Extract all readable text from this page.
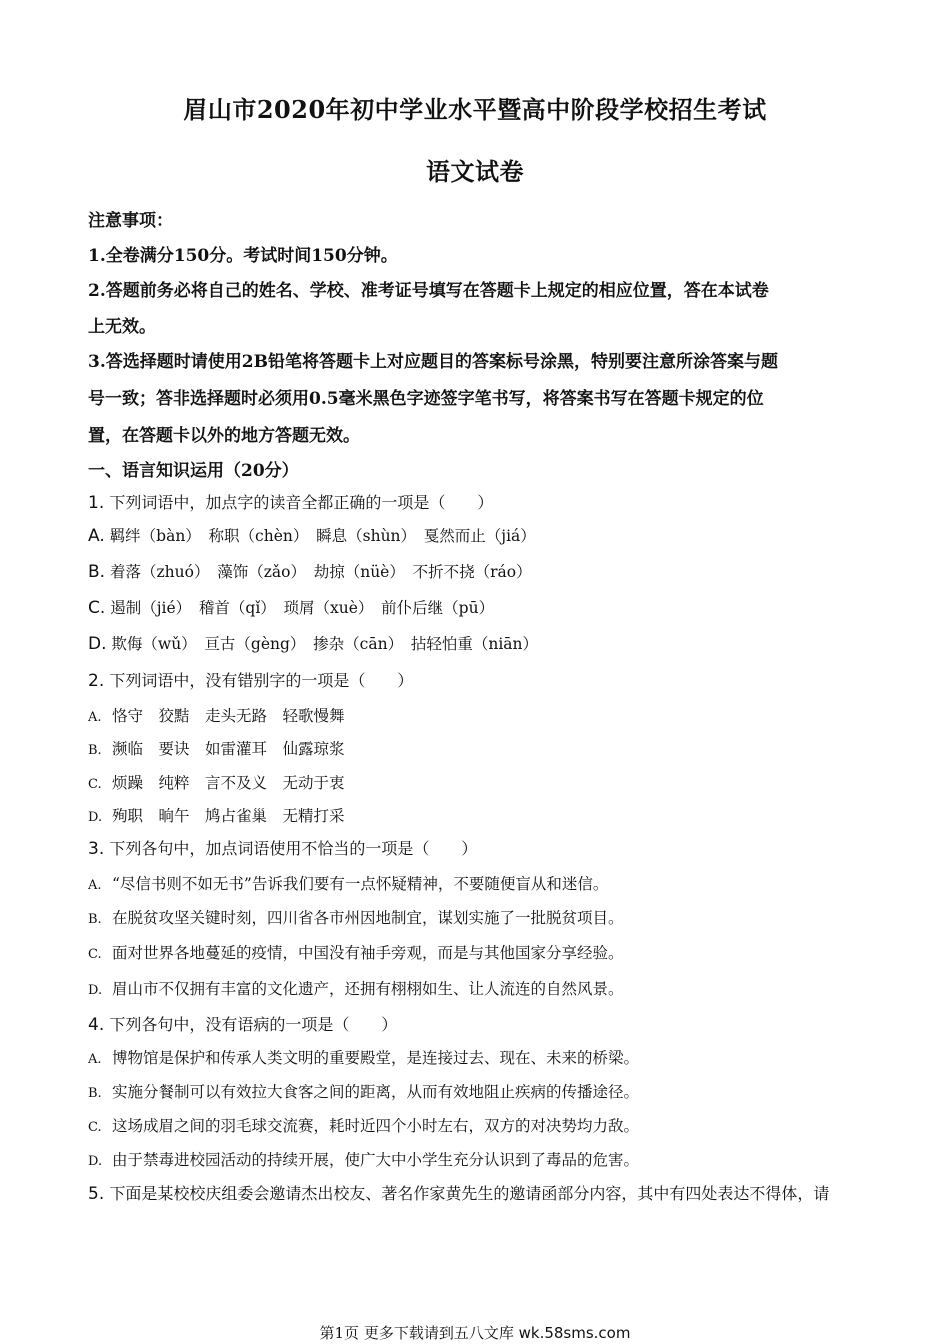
眉山市2020年初中学业水平暨高中阶段学校招生考试
语文试卷
注意事项：
1.全卷满分150分。考试时间150分钟。
2.答题前务必将自己的姓名、学校、准考证号填写在答题卡上规定的相应位置，答在本试卷
上无效。
3.答选择题时请使用2B铅笔将答题卡上对应题目的答案标号涂黑，特别要注意所涂答案与题
号一致；答非选择题时必须用0.5毫米黑色字迹签字笔书写，将答案书写在答题卡规定的位
置，在答题卡以外的地方答题无效。
一、语言知识运用（20分）
1. 下列词语中，加点字的读音全都正确的一项是（　　）
A. 羁绊（bàn）　称职（chèn）　瞬息（shùn）　戛然而止（jiá）
B. 着落（zhuó）　藻饰（zǎo）　劫掠（nüè）　不折不挠（ráo）
C. 遏制（jié）　稽首（qǐ）　琐屑（xuè）　前仆后继（pū）
D. 欺侮（wǔ）　亘古（gèng）　掺杂（cān）　拈轻怕重（niān）
2. 下列词语中，没有错别字的一项是（　　）
A. 恪守　狡黠　走头无路　轻歌慢舞
B. 濒临　要诀　如雷灌耳　仙露琼浆
C. 烦躁　纯粹　言不及义　无动于衷
D. 殉职　晌午　鸠占雀巢　无精打采
3. 下列各句中，加点词语使用不恰当的一项是（　　）
A. “尽信书则不如无书”告诉我们要有一点怀疑精神，不要随便盲从和迷信。
B. 在脱贫攻坚关键时刻，四川省各市州因地制宜，谋划实施了一批脱贫项目。
C. 面对世界各地蔓延的疫情，中国没有袖手旁观，而是与其他国家分享经验。
D. 眉山市不仅拥有丰富的文化遗产，还拥有栩栩如生、让人流连的自然风景。
4. 下列各句中，没有语病的一项是（　　）
A. 博物馆是保护和传承人类文明的重要殿堂，是连接过去、现在、未来的桥梁。
B. 实施分餐制可以有效拉大食客之间的距离，从而有效地阻止疾病的传播途径。
C. 这场成眉之间的羽毛球交流赛，耗时近四个小时左右，双方的对决势均力敌。
D. 由于禁毒进校园活动的持续开展，使广大中小学生充分认识到了毒品的危害。
5. 下面是某校校庆组委会邀请杰出校友、著名作家黄先生的邀请函部分内容，其中有四处表达不得体，请
第1页 更多下载请到五八文库 wk.58sms.com
